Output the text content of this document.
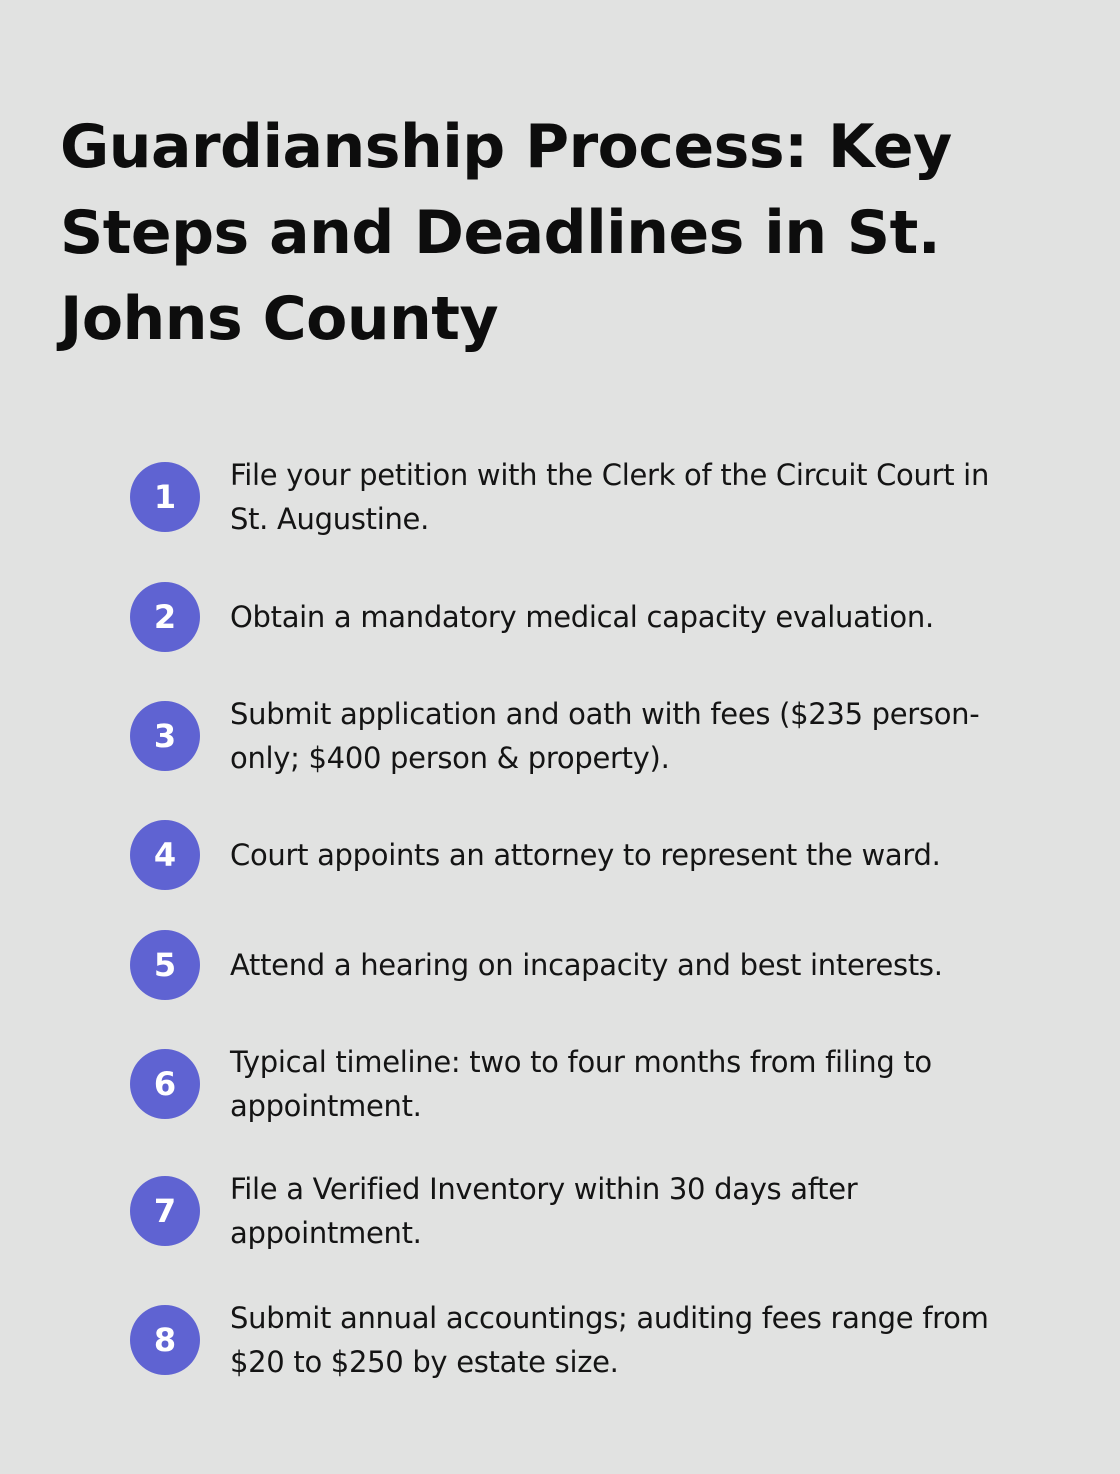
Guardianship Process: Key Steps and Deadlines in St. Johns County
1
File your petition with the Clerk of the Circuit Court in St. Augustine.
2	Obtain a mandatory medical capacity evaluation.
3
Submit application and oath with fees ($235 person-only; $400 person & property).
4	Court appoints an attorney to represent the ward.
5	Attend a hearing on incapacity and best interests.
6
Typical timeline: two to four months from filing to appointment.
7
File a Verified Inventory within 30 days after appointment.
8
Submit annual accountings; auditing fees range from $20 to $250 by estate size.
